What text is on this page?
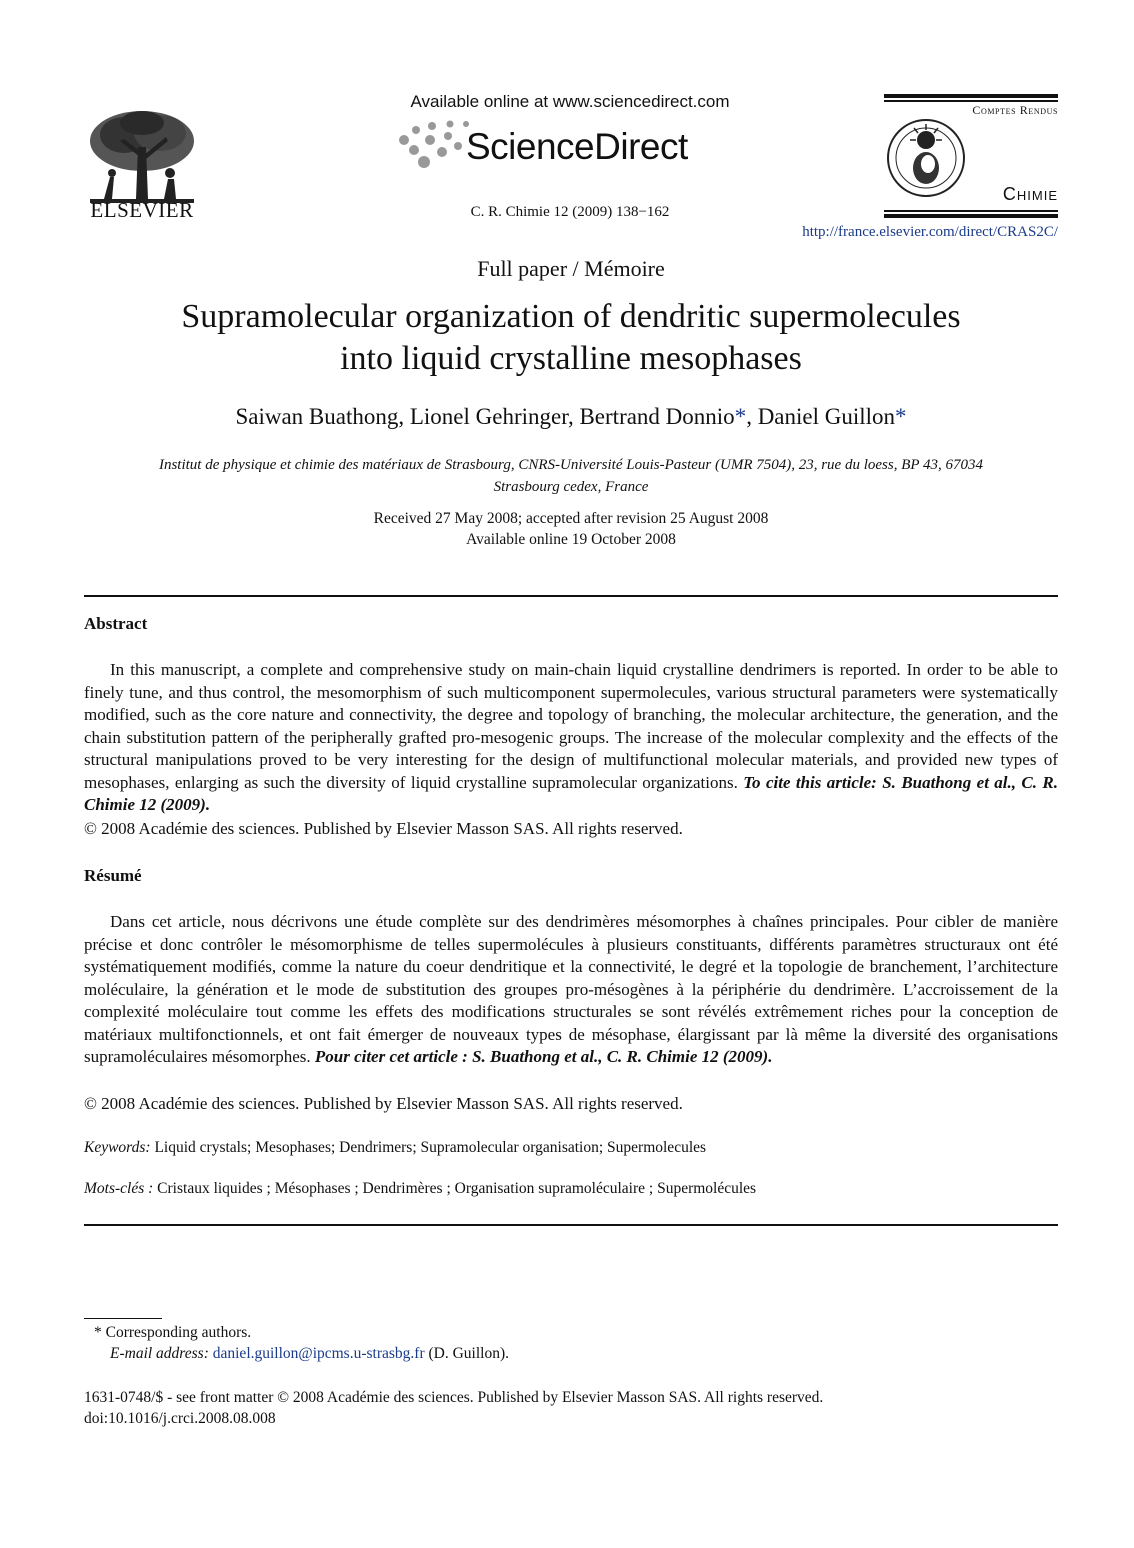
ELSEVIER
Available online at www.sciencedirect.com
ScienceDirect
C. R. Chimie 12 (2009) 138−162
Comptes Rendus
Chimie
http://france.elsevier.com/direct/CRAS2C/
Full paper / Mémoire
Supramolecular organization of dendritic supermolecules
into liquid crystalline mesophases
Saiwan Buathong, Lionel Gehringer, Bertrand Donnio*, Daniel Guillon*
Institut de physique et chimie des matériaux de Strasbourg, CNRS-Université Louis-Pasteur (UMR 7504), 23, rue du loess, BP 43, 67034
Strasbourg cedex, France
Received 27 May 2008; accepted after revision 25 August 2008
Available online 19 October 2008
Abstract
In this manuscript, a complete and comprehensive study on main-chain liquid crystalline dendrimers is reported. In order to be able to finely tune, and thus control, the mesomorphism of such multicomponent supermolecules, various structural parameters were systematically modified, such as the core nature and connectivity, the degree and topology of branching, the molecular architecture, the generation, and the chain substitution pattern of the peripherally grafted pro-mesogenic groups. The increase of the molecular complexity and the effects of the structural manipulations proved to be very interesting for the design of multifunctional molecular materials, and provided new types of mesophases, enlarging as such the diversity of liquid crystalline supramolecular organizations. To cite this article: S. Buathong et al., C. R. Chimie 12 (2009).
© 2008 Académie des sciences. Published by Elsevier Masson SAS. All rights reserved.
Résumé
Dans cet article, nous décrivons une étude complète sur des dendrimères mésomorphes à chaînes principales. Pour cibler de manière précise et donc contrôler le mésomorphisme de telles supermolécules à plusieurs constituants, différents paramètres structuraux ont été systématiquement modifiés, comme la nature du coeur dendritique et la connectivité, le degré et la topologie de branchement, l’architecture moléculaire, la génération et le mode de substitution des groupes pro-mésogènes à la périphérie du dendrimère. L’accroissement de la complexité moléculaire tout comme les effets des modifications structurales se sont révélés extrêmement riches pour la conception de matériaux multifonctionnels, et ont fait émerger de nouveaux types de mésophase, élargissant par là même la diversité des organisations supramoléculaires mésomorphes. Pour citer cet article : S. Buathong et al., C. R. Chimie 12 (2009).
© 2008 Académie des sciences. Published by Elsevier Masson SAS. All rights reserved.
Keywords: Liquid crystals; Mesophases; Dendrimers; Supramolecular organisation; Supermolecules
Mots-clés : Cristaux liquides ; Mésophases ; Dendrimères ; Organisation supramoléculaire ; Supermolécules
* Corresponding authors.
E-mail address: daniel.guillon@ipcms.u-strasbg.fr (D. Guillon).
1631-0748/$ - see front matter © 2008 Académie des sciences. Published by Elsevier Masson SAS. All rights reserved.
doi:10.1016/j.crci.2008.08.008
